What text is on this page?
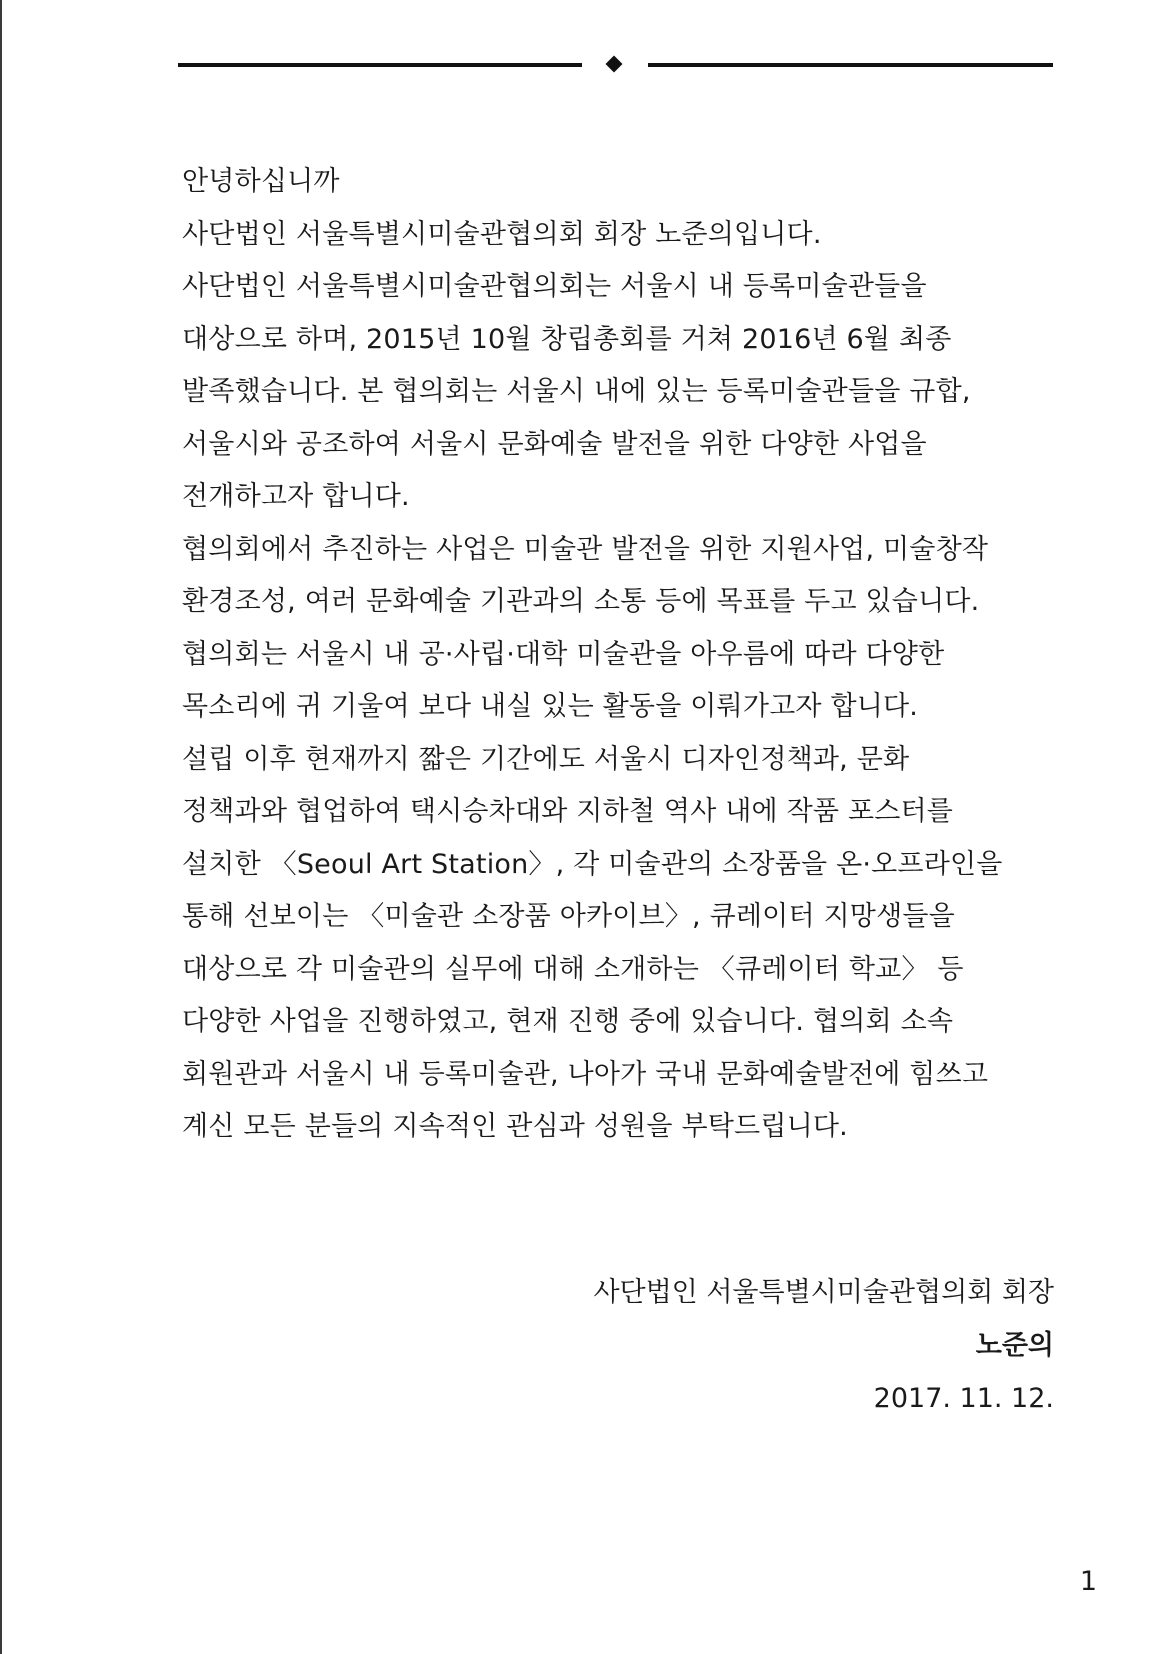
안녕하십니까
사단법인 서울특별시미술관협의회 회장 노준의입니다.
사단법인 서울특별시미술관협의회는 서울시 내 등록미술관들을
대상으로 하며, 2015년 10월 창립총회를 거쳐 2016년 6월 최종
발족했습니다. 본 협의회는 서울시 내에 있는 등록미술관들을 규합,
서울시와 공조하여 서울시 문화예술 발전을 위한 다양한 사업을
전개하고자 합니다.
협의회에서 추진하는 사업은 미술관 발전을 위한 지원사업, 미술창작
환경조성, 여러 문화예술 기관과의 소통 등에 목표를 두고 있습니다.
협의회는 서울시 내 공·사립·대학 미술관을 아우름에 따라 다양한
목소리에 귀 기울여 보다 내실 있는 활동을 이뤄가고자 합니다.
설립 이후 현재까지 짧은 기간에도 서울시 디자인정책과, 문화
정책과와 협업하여 택시승차대와 지하철 역사 내에 작품 포스터를
설치한 〈Seoul Art Station〉, 각 미술관의 소장품을 온·오프라인을
통해 선보이는 〈미술관 소장품 아카이브〉, 큐레이터 지망생들을
대상으로 각 미술관의 실무에 대해 소개하는 〈큐레이터 학교〉 등
다양한 사업을 진행하였고, 현재 진행 중에 있습니다. 협의회 소속
회원관과 서울시 내 등록미술관, 나아가 국내 문화예술발전에 힘쓰고
계신 모든 분들의 지속적인 관심과 성원을 부탁드립니다.
사단법인 서울특별시미술관협의회 회장
노준의
2017. 11. 12.
1
